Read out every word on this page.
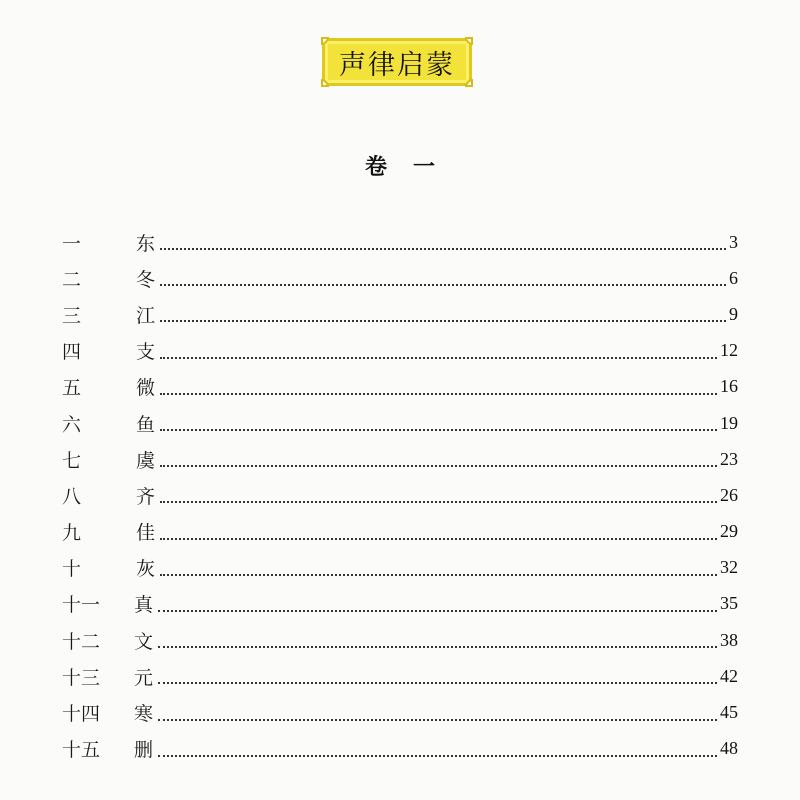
声律启蒙
卷一
一	东	3
二	冬	6
三	江	9
四	支	12
五	微	16
六	鱼	19
七	虞	23
八	齐	26
九	佳	29
十	灰	32
十一	真	35
十二	文	38
十三	元	42
十四	寒	45
十五	删	48
